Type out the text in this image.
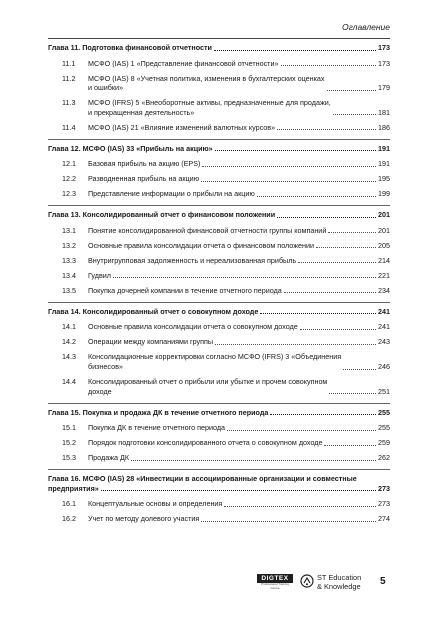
Оглавление
Глава 11. Подготовка финансовой отчетности	173
11.1	МСФО (IAS) 1 «Представление финансовой отчетности»	173
11.2	МСФО (IAS) 8 «Учетная политика, изменения в бухгалтерских оценках
и ошибки»	179
11.3	МСФО (IFRS) 5 «Внеоборотные активы, предназначенные для продажи,
и прекращенная деятельность»	181
11.4	МСФО (IAS) 21 «Влияние изменений валютных курсов»	186
Глава 12. МСФО (IAS) 33 «Прибыль на акцию»	191
12.1	Базовая прибыль на акцию (EPS)	191
12.2	Разводненная прибыль на акцию	195
12.3	Представление информации о прибыли на акцию	199
Глава 13. Консолидированный отчет о финансовом положении	201
13.1	Понятие консолидированной финансовой отчетности группы компаний	201
13.2	Основные правила консолидации отчета о финансовом положении	205
13.3	Внутригрупповая задолженность и нереализованная прибыль	214
13.4	Гудвил	221
13.5	Покупка дочерней компании в течение отчетного периода	234
Глава 14. Консолидированный отчет о совокупном доходе	241
14.1	Основные правила консолидации отчета о совокупном доходе	241
14.2	Операции между компаниями группы	243
14.3	Консолидационные корректировки согласно МСФО (IFRS) 3 «Объединения
бизнесов»	246
14.4	Консолидированный отчет о прибыли или убытке и прочем совокупном
доходе	251
Глава 15. Покупка и продажа ДК в течение отчетного периода	255
15.1	Покупка ДК в течение отчетного периода	255
15.2	Порядок подготовки консолидированного отчета о совокупном доходе	259
15.3	Продажа ДК	262
Глава 16. МСФО (IAS) 28 «Инвестиции в ассоциированные организации и совместные
предприятия»	273
16.1	Концептуальные основы и определения	273
16.2	Учет по методу долевого участия	274
DIGTEX
Professional Training Centre
ST Education
& Knowledge 5
